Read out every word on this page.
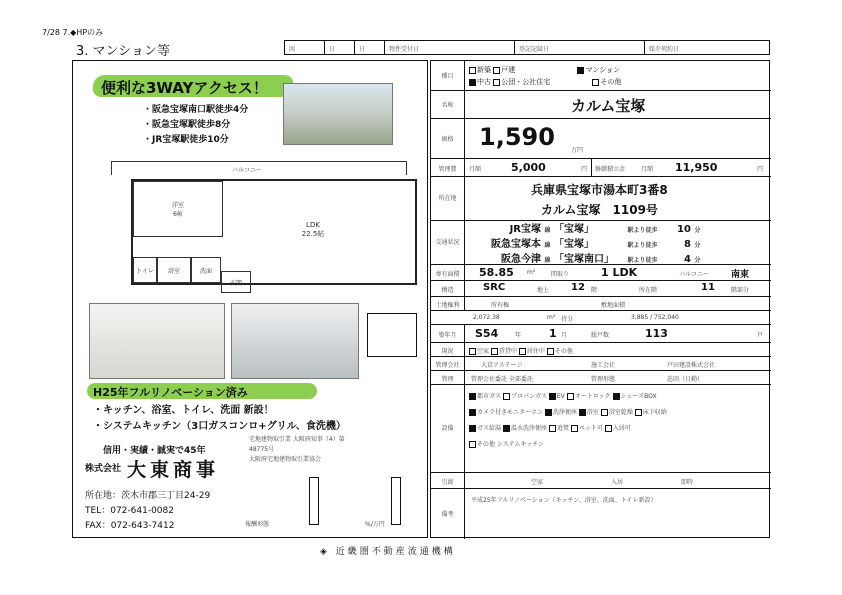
7/28 7.◆HPのみ
3. マンション等	図	日	日	物件受付日	登記記録日	媒介契約日
便利な3WAYアクセス！
・阪急宝塚南口駅徒歩4分
・阪急宝塚駅徒歩8分
・JR宝塚駅徒歩10分
バルコニー
洋室
6帖
LDK
22.5帖
トイレ	浴室	洗面
玄関
H25年フルリノベーション済み
・キッチン、浴室、トイレ、洗面 新設！
・システムキッチン（3口ガスコンロ+グリル、食洗機）
信用・実績・誠実で45年
株式会社 大東商事
所在地：茨木市郡三丁目24-29
TEL：072-641-0082
FAX：072-643-7412
宅地建物取引業 大阪府知事（4）第48775号
大阪府宅地建物取引業協会
報酬形態	%/万円
種目
新築 戸建	マンション
中古 公団・公社住宅	その他
名称	カルム宝塚
価格	1,590	万円
管理費	月額	5,000	円	修繕積立金	月額 11,950	円
所在地
兵庫県宝塚市湯本町3番8
カルム宝塚　1109号
交通状況
JR宝塚 線 「宝塚」	駅より徒歩 10 分
阪急宝塚本 線 「宝塚」	駅より徒歩	8 分
阪急今津 線 「宝塚南口」 駅より徒歩	4 分
専有面積	58.85 m²	間取り	1 LDK	バルコニー 南東
構造	SRC	地上 12 階	所在階	11	階部分
土地権利	所有権	敷地面積
2,072.38	m² 持分	3,885 / 752,040
築年月	S54	年	1 月	総戸数	113	戸
現況	空家 賃貸中 居住中 その他
管理会社	大京アステージ	施工会社	戸田建設株式会社
管理	管理会社委託 全部委託	管理形態	巡回（日勤）
設備
都市ガス プロパンガス EV オートロック シューズBOX
カメラ付きモニターホン 洗浄便座 浴室 浴室乾燥 床下収納
ガス給湯 温水洗浄便座 追焚 ペット可 入居可
その他 システムキッチン
引渡	空家	入居	即時
備考
平成25年フルリノベーション（キッチン、浴室、洗面、トイレ新設）
◈ 近畿圏不動産流通機構
